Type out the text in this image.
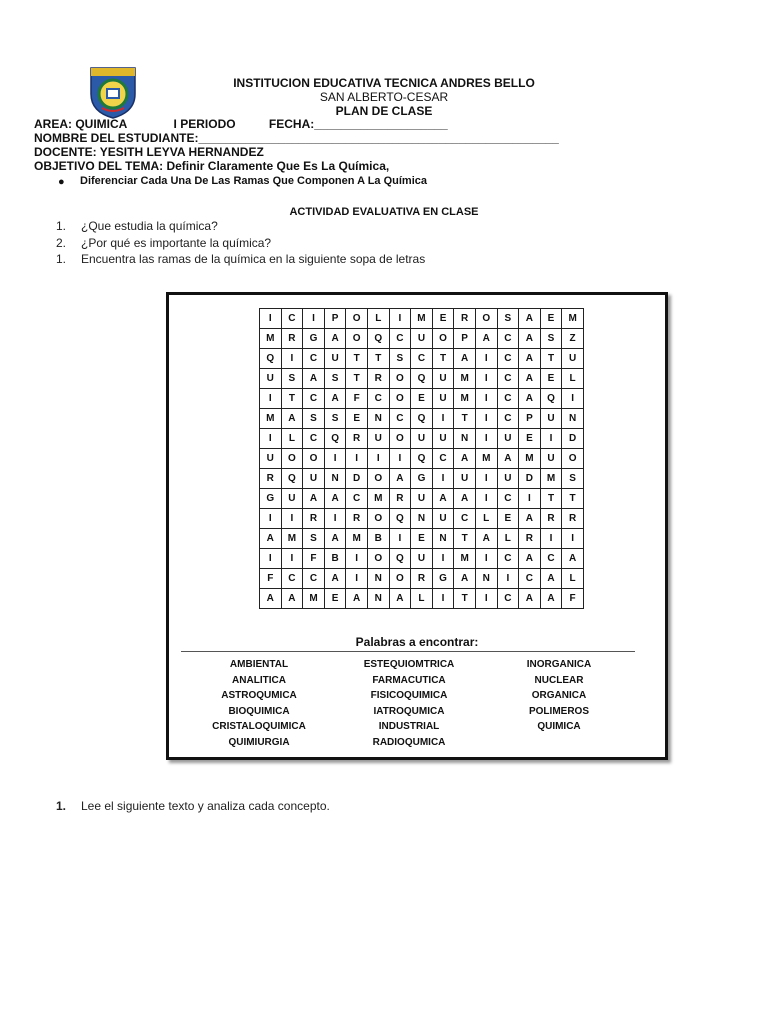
INSTITUCION EDUCATIVA TECNICA ANDRES BELLO
SAN ALBERTO-CESAR
PLAN DE CLASE
AREA: QUIMICA              I PERIODO          FECHA:____________________
NOMBRE DEL ESTUDIANTE:______________________________________________________
DOCENTE: YESITH LEYVA HERNANDEZ
OBJETIVO DEL TEMA: Definir Claramente Que Es La Química,
● Diferenciar Cada Una De Las Ramas Que Componen A La Química
ACTIVIDAD EVALUATIVA EN CLASE
1. ¿Que estudia la química?
2. ¿Por qué es importante la química?
1. Encuentra las ramas de la química en la siguiente sopa de letras
I	C	I	P	O	L	I	M	E	R	O	S	A	E	M
M	R	G	A	O	Q	C	U	O	P	A	C	A	S	Z
Q	I	C	U	T	T	S	C	T	A	I	C	A	T	U
U	S	A	S	T	R	O	Q	U	M	I	C	A	E	L
I	T	C	A	F	C	O	E	U	M	I	C	A	Q	I
M	A	S	S	E	N	C	Q	I	T	I	C	P	U	N
I	L	C	Q	R	U	O	U	U	N	I	U	E	I	D
U	O	O	I	I	I	I	Q	C	A	M	A	M	U	O
R	Q	U	N	D	O	A	G	I	U	I	U	D	M	S
G	U	A	A	C	M	R	U	A	A	I	C	I	T	T
I	I	R	I	R	O	Q	N	U	C	L	E	A	R	R
A	M	S	A	M	B	I	E	N	T	A	L	R	I	I
I	I	F	B	I	O	Q	U	I	M	I	C	A	C	A
F	C	C	A	I	N	O	R	G	A	N	I	C	A	L
A	A	M	E	A	N	A	L	I	T	I	C	A	A	F
Palabras a encontrar:
AMBIENTAL
ANALITICA
ASTROQUMICA
BIOQUIMICA
CRISTALOQUIMICA
QUIMIURGIA
ESTEQUIOMTRICA
FARMACUTICA
FISICOQUIMICA
IATROQUMICA
INDUSTRIAL
RADIOQUMICA
INORGANICA
NUCLEAR
ORGANICA
POLIMEROS
QUIMICA
1. Lee el siguiente texto y analiza cada concepto.
